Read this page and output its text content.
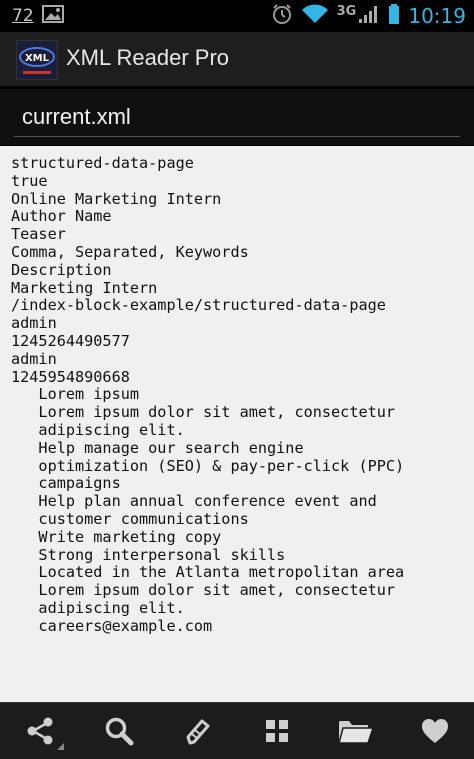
72	3G	10:19
XML XML Reader Pro
current.xml
structured-data-page
true
Online Marketing Intern
Author Name
Teaser
Comma, Separated, Keywords
Description
Marketing Intern
/index-block-example/structured-data-page
admin
1245264490577
admin
1245954890668
Lorem ipsum
Lorem ipsum dolor sit amet, consectetur
adipiscing elit.
Help manage our search engine
optimization (SEO) & pay-per-click (PPC)
campaigns
Help plan annual conference event and
customer communications
Write marketing copy
Strong interpersonal skills
Located in the Atlanta metropolitan area
Lorem ipsum dolor sit amet, consectetur
adipiscing elit.
careers@example.com
